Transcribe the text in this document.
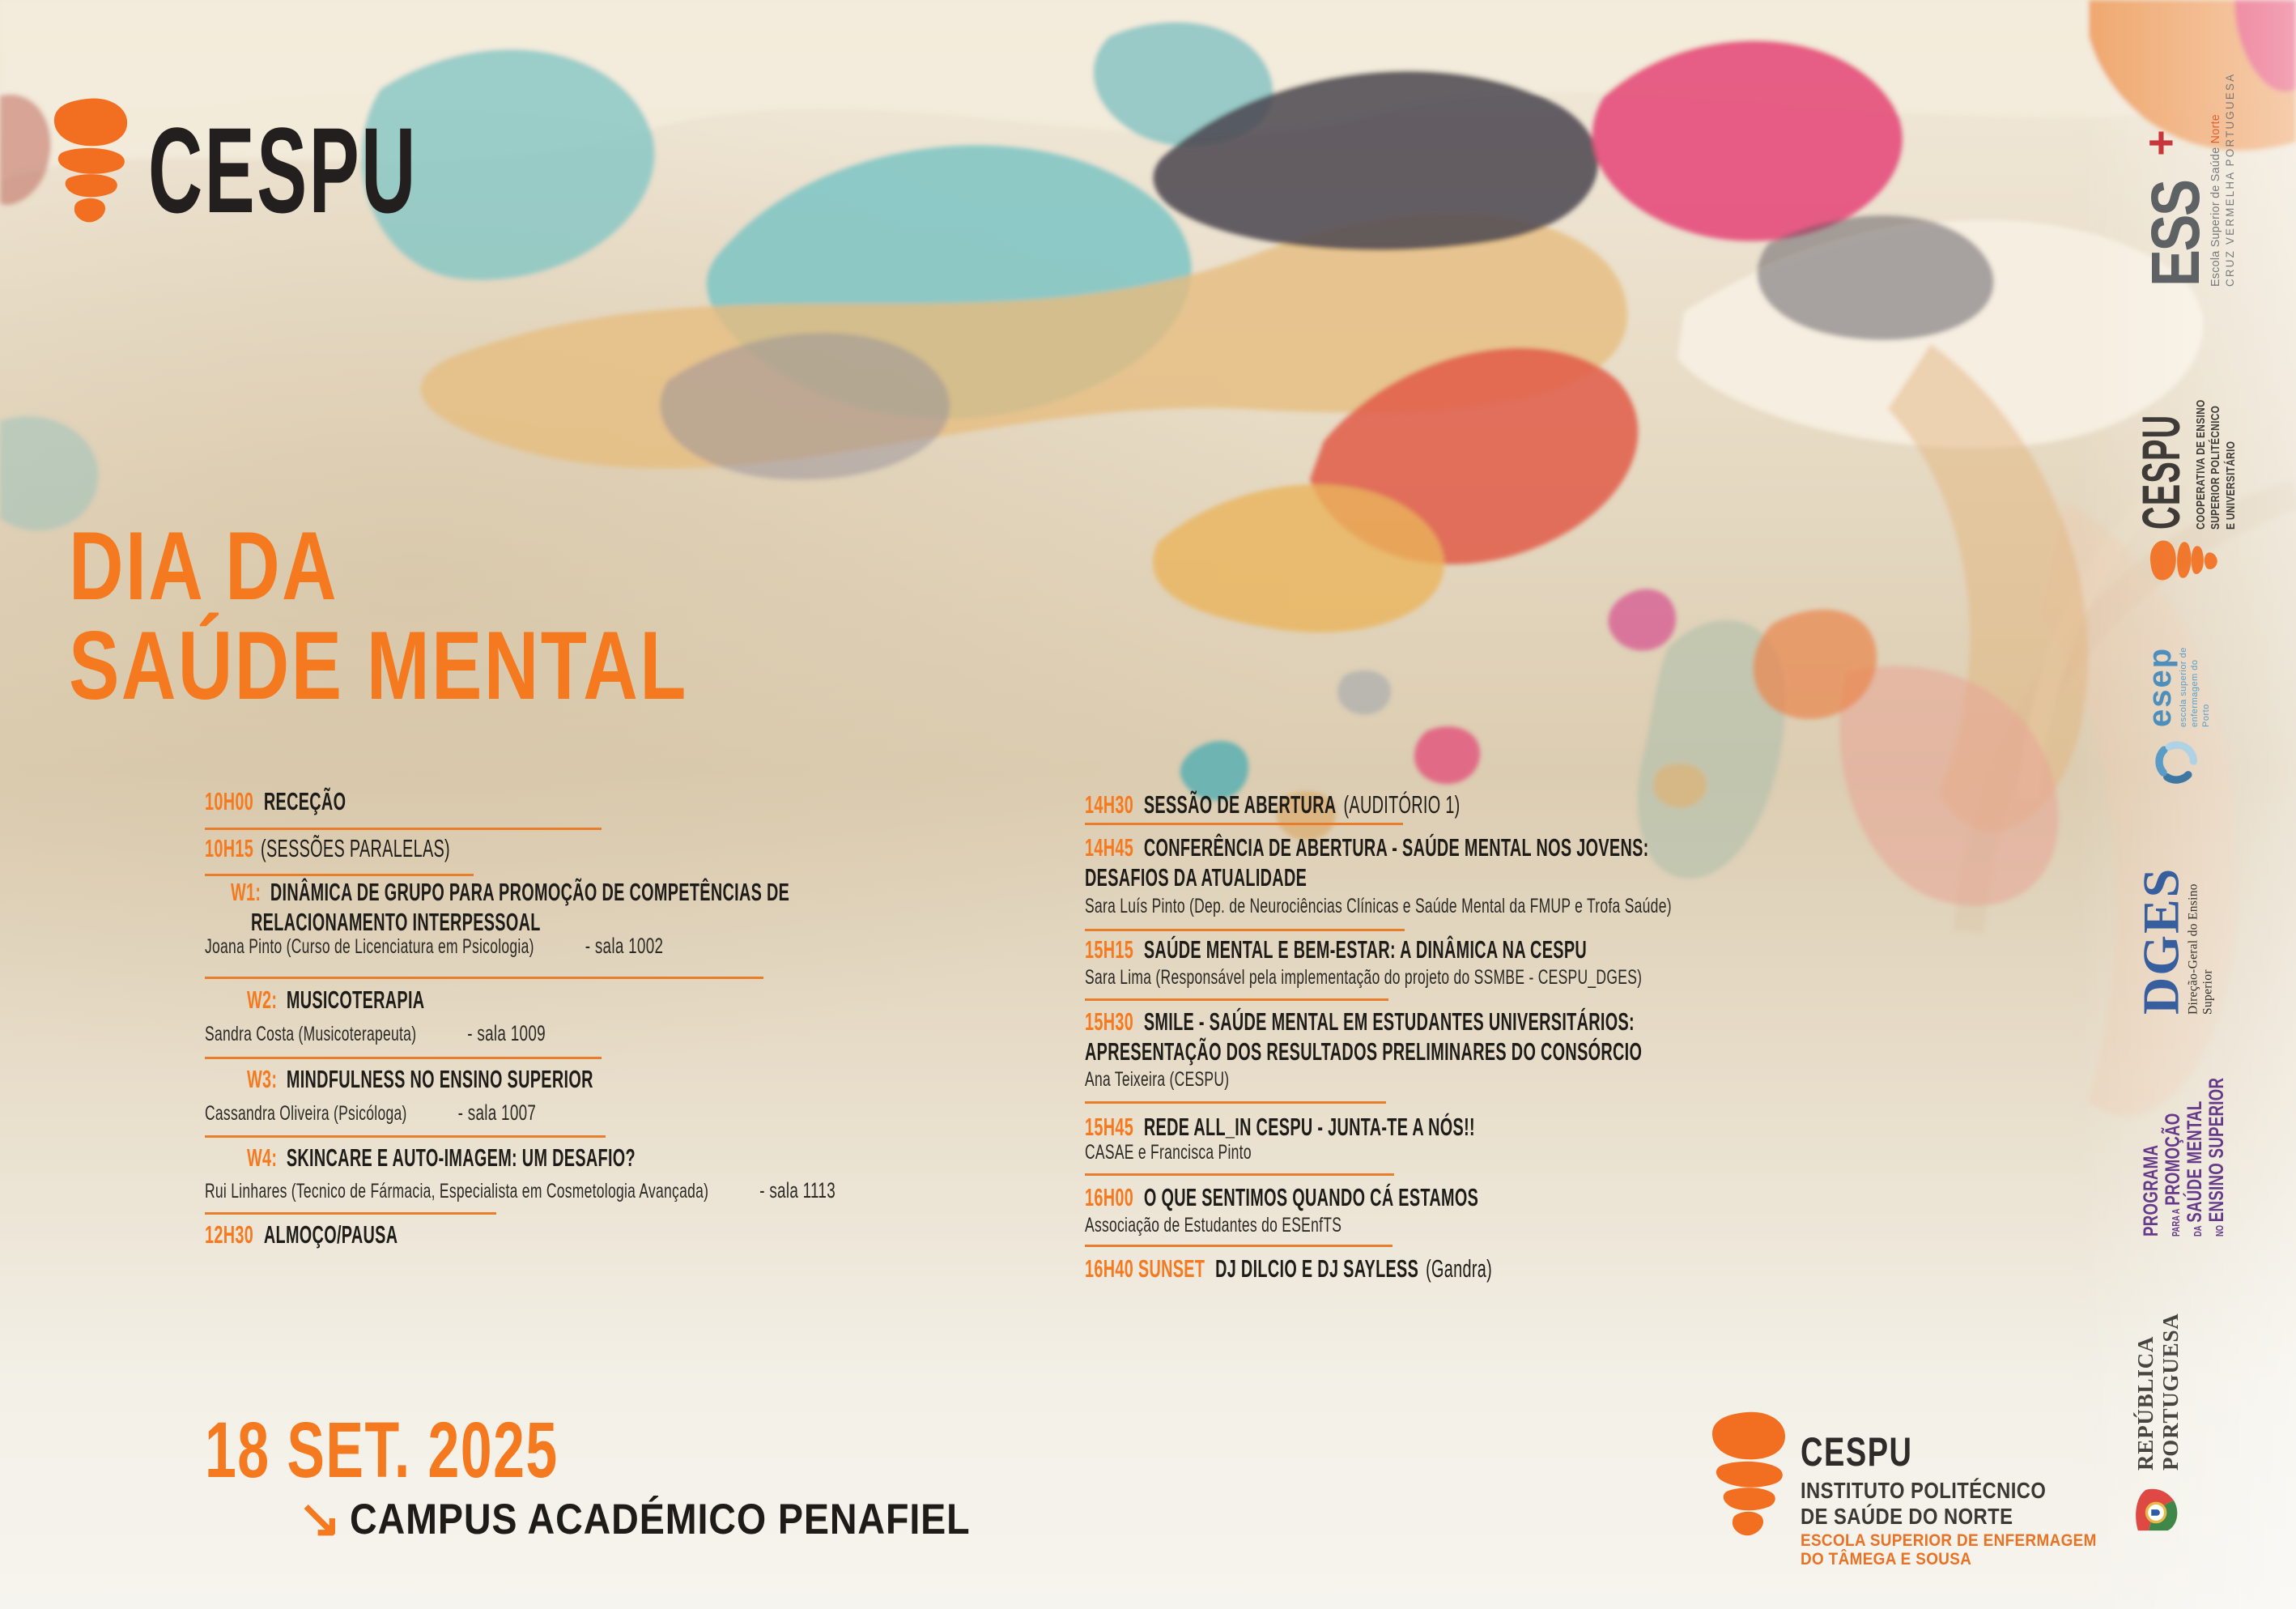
CESPU
DIA DA
SAÚDE MENTAL
10H00 RECEÇÃO
10H15 (SESSÕES PARALELAS)
W1: DINÂMICA DE GRUPO PARA PROMOÇÃO DE COMPETÊNCIAS DE
RELACIONAMENTO INTERPESSOAL
Joana Pinto (Curso de Licenciatura em Psicologia) - sala 1002
W2: MUSICOTERAPIA
Sandra Costa (Musicoterapeuta) - sala 1009
W3: MINDFULNESS NO ENSINO SUPERIOR
Cassandra Oliveira (Psicóloga) - sala 1007
W4: SKINCARE E AUTO-IMAGEM: UM DESAFIO?
Rui Linhares (Tecnico de Fármacia, Especialista em Cosmetologia Avançada) - sala 1113
12H30 ALMOÇO/PAUSA
14H30 SESSÃO DE ABERTURA (AUDITÓRIO 1)
14H45 CONFERÊNCIA DE ABERTURA - SAÚDE MENTAL NOS JOVENS:
DESAFIOS DA ATUALIDADE
Sara Luís Pinto (Dep. de Neurociências Clínicas e Saúde Mental da FMUP e Trofa Saúde)
15H15 SAÚDE MENTAL E BEM-ESTAR: A DINÂMICA NA CESPU
Sara Lima (Responsável pela implementação do projeto do SSMBE - CESPU_DGES)
15H30 SMILE - SAÚDE MENTAL EM ESTUDANTES UNIVERSITÁRIOS:
APRESENTAÇÃO DOS RESULTADOS PRELIMINARES DO CONSÓRCIO
Ana Teixeira (CESPU)
15H45 REDE ALL_IN CESPU - JUNTA-TE A NÓS!!
CASAE e Francisca Pinto
16H00 O QUE SENTIMOS QUANDO CÁ ESTAMOS
Associação de Estudantes do ESEnfTS
16H40 SUNSET DJ DILCIO E DJ SAYLESS (Gandra)
18 SET. 2025
↘ CAMPUS ACADÉMICO PENAFIEL
CESPU
INSTITUTO POLITÉCNICO
DE SAÚDE DO NORTE
ESCOLA SUPERIOR DE ENFERMAGEM
DO TÂMEGA E SOUSA
ESS+
Escola Superior de Saúde Norte CRUZ VERMELHA PORTUGUESA
CESPU COOPERATIVA DE ENSINO SUPERIOR POLITÉCNICO E UNIVERSITÁRIO
esep escola superior de enfermagem do Porto
DGES
Direção-Geral do Ensino Superior
PROGRAMA PARA APROMOÇÃO
DASAÚDE MENTAL
NOENSINO SUPERIOR
REPÚBLICA PORTUGUESA
